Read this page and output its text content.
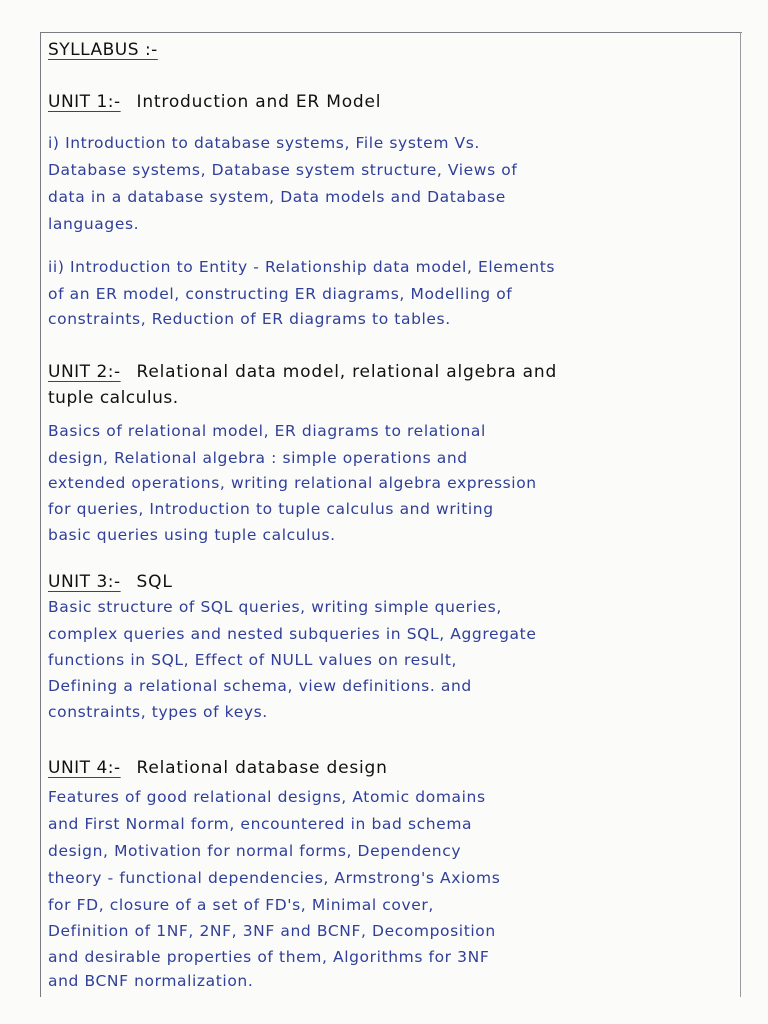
SYLLABUS :-
UNIT 1:- Introduction and ER Model
i) Introduction to database systems, File system Vs.
Database systems, Database system structure, Views of
data in a database system, Data models and Database
languages.
ii) Introduction to Entity - Relationship data model, Elements
of an ER model, constructing ER diagrams, Modelling of
constraints, Reduction of ER diagrams to tables.
UNIT 2:- Relational data model, relational algebra and
tuple calculus.
Basics of relational model, ER diagrams to relational
design, Relational algebra : simple operations and
extended operations, writing relational algebra expression
for queries, Introduction to tuple calculus and writing
basic queries using tuple calculus.
UNIT 3:- SQL
Basic structure of SQL queries, writing simple queries,
complex queries and nested subqueries in SQL, Aggregate
functions in SQL, Effect of NULL values on result,
Defining a relational schema, view definitions. and
constraints, types of keys.
UNIT 4:- Relational database design
Features of good relational designs, Atomic domains
and First Normal form, encountered in bad schema
design, Motivation for normal forms, Dependency
theory - functional dependencies, Armstrong's Axioms
for FD, closure of a set of FD's, Minimal cover,
Definition of 1NF, 2NF, 3NF and BCNF, Decomposition
and desirable properties of them, Algorithms for 3NF
and BCNF normalization.
